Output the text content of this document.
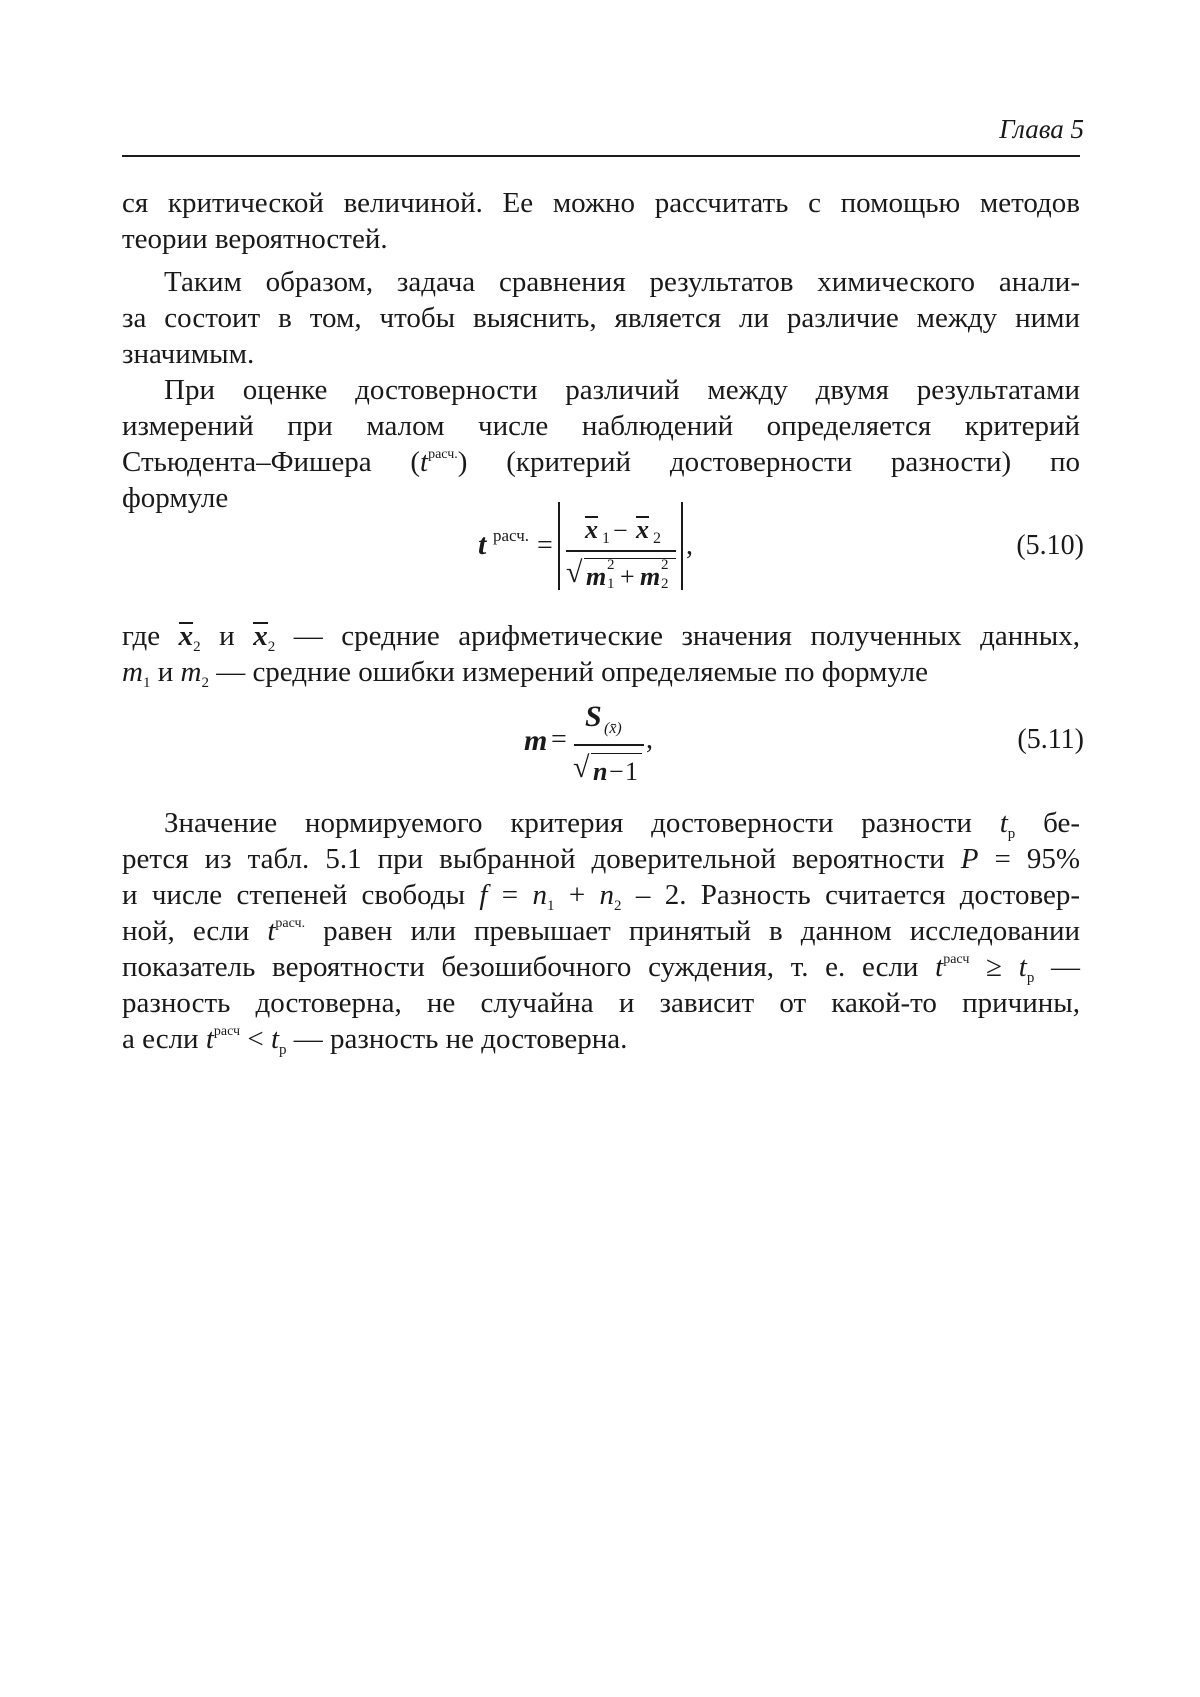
Глава 5

ся критической величиной. Ее можно рассчитать с помощью методов

теории вероятностей.

Таким образом, задача сравнения результатов химического анали-

за состоит в том, чтобы выяснить, является ли различие между ними

значимым.

При оценке достоверности различий между двумя результатами

измерений при малом числе наблюдений определяется критерий

Стьюдента–Фишера $(t^{расч.})$ (критерий достоверности разности) по

формуле

t расч. =
x 1 − x 2
√ m 2
1 + m 2
2
,	(5.10)

где $x_2$ и $x_2$ — средние арифметические значения полученных данных,

$m_1$ и $m_2$ — средние ошибки измерений определяемые по формуле

m =
S (x̄)
√ n − 1
,	(5.11)

Значение нормируемого критерия достоверности разности $t_р$ бе-

рется из табл. 5.1 при выбранной доверительной вероятности P = 95%

и числе степеней свободы $f = n_1 + n_2 - 2$. Разность считается достовер-

ной, если $t^{расч.}$ равен или превышает принятый в данном исследовании

показатель вероятности безошибочного суждения, т. е. если $t^{расч} \ge t_р$ —

разность достоверна, не случайна и зависит от какой-то причины,

а если $t^{расч} < t_р$ — разность не достоверна.
